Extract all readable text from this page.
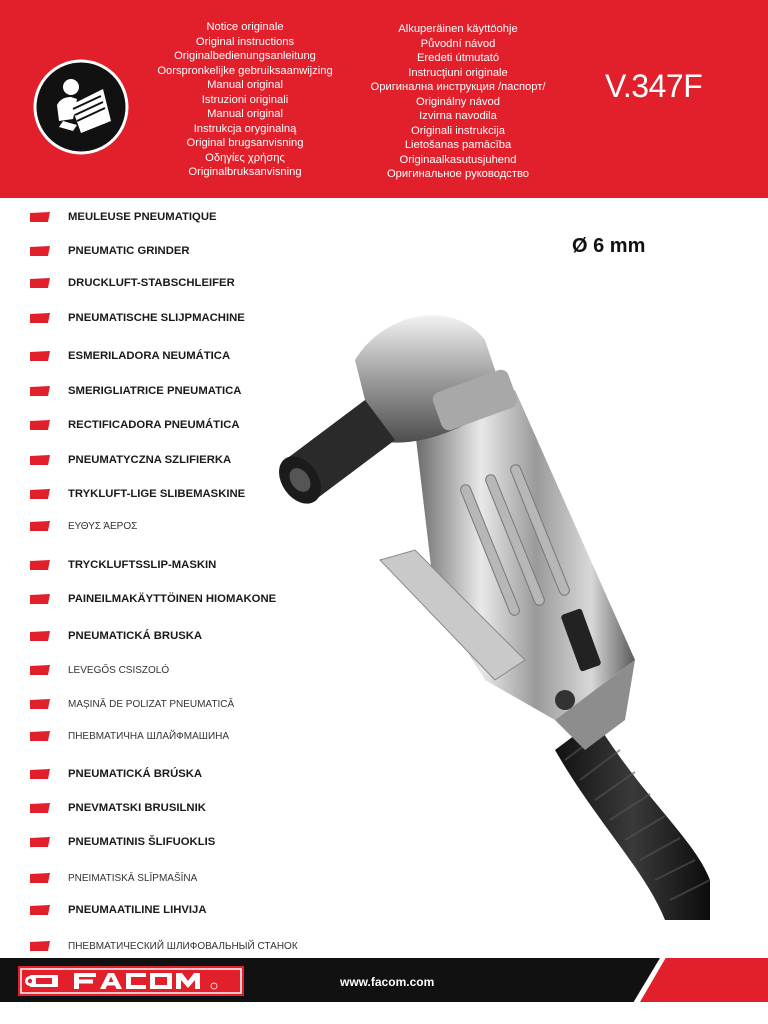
Notice originale
Original instructions
Originalbedienungsanleitung
Oorspronkelijke gebruiksaanwijzing
Manual original
Istruzioni originali
Manual original
Instrukcja oryginalną
Original brugsanvisning
Οδηγίες χρήσης
Originalbruksanvisning
Alkuperäinen käyttöohje
Původní návod
Eredeti útmutató
Instrucţiuni originale
Оригинална инструкция /паспорт/
Originálny návod
Izvirna navodila
Originali instrukcija
Lietošanas pamācība
Originaalkasutusjuhend
Оригинальное руководство
V.347F
Ø 6 mm
MEULEUSE PNEUMATIQUE
PNEUMATIC GRINDER
DRUCKLUFT-STABSCHLEIFER
PNEUMATISCHE SLIJPMACHINE
ESMERILADORA NEUMÁTICA
SMERIGLIATRICE PNEUMATICA
RECTIFICADORA PNEUMÁTICA
PNEUMATYCZNA SZLIFIERKA
TRYKLUFT-LIGE SLIBEMASKINE
ΕΥΘΥΣ ΆΕΡΟΣ
TRYCKLUFTSSLIP-MASKIN
PAINEILMAKÄYTTÖINEN HIOMAKONE
PNEUMATICKÁ BRUSKA
LEVEGŐS CSISZOLÓ
MAȘINĂ DE POLIZAT PNEUMATICĂ
ПНЕВМАТИЧНА ШЛАЙФМАШИНА
PNEUMATICKÁ BRÚSKA
PNEVMATSKI BRUSILNIK
PNEUMATINIS ŠLIFUOKLIS
PNEIMATISKĀ SLĪPMAŠĪNA
PNEUMAATILINE LIHVIJA
ПНЕВМАТИЧЕСКИЙ ШЛИФОВАЛЬНЫЙ СТАНОК
www.facom.com
